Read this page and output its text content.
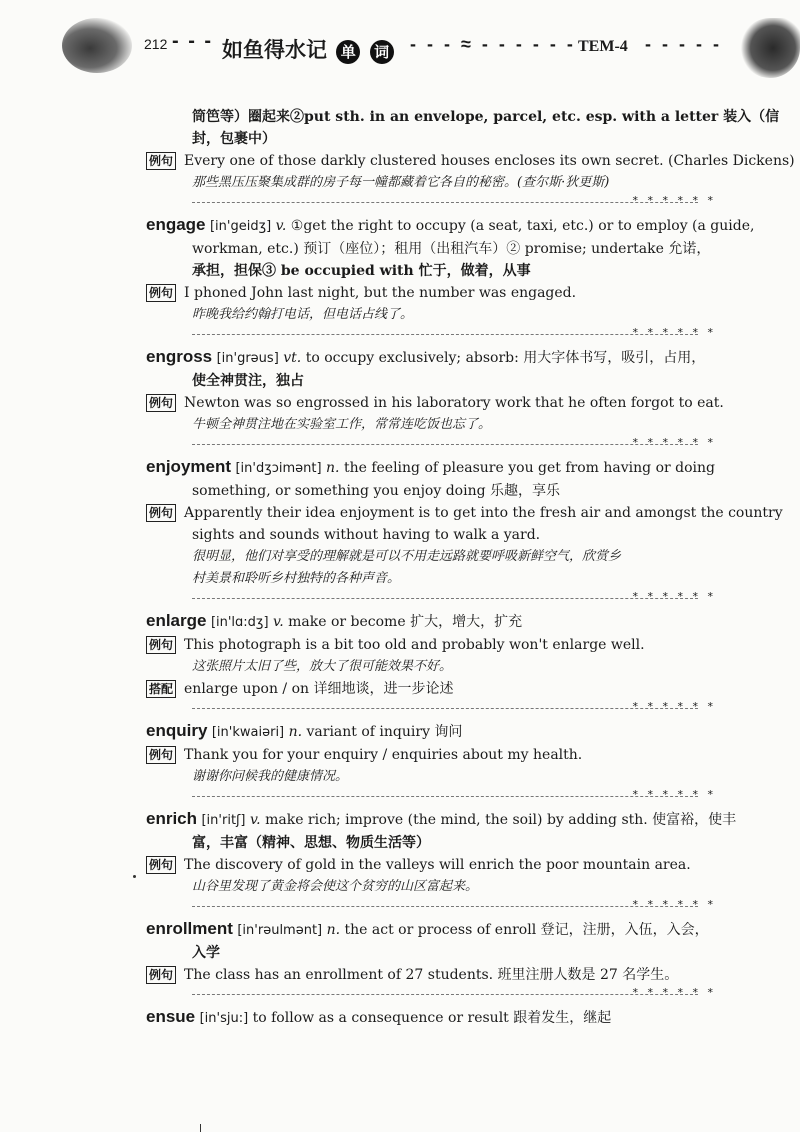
212 - - - 如鱼得水记 单 词 - - - ≈ - - - - - - TEM-4 - - - - -
筒笆等）圈起来②put sth. in an envelope, parcel, etc. esp. with a letter 装入（信
封，包裹中）
例句 Every one of those darkly clustered houses encloses its own secret. (Charles Dickens)
那些黑压压聚集成群的房子每一幢都藏着它各自的秘密。(查尔斯·狄更斯)
* * * * * *
engage [in'geidʒ] v. ①get the right to occupy (a seat, taxi, etc.) or to employ (a guide,
workman, etc.) 预订（座位）；租用（出租汽车）② promise; undertake 允诺，
承担，担保③ be occupied with 忙于，做着，从事
例句 I phoned John last night, but the number was engaged.
昨晚我给约翰打电话，但电话占线了。
* * * * * *
engross [in'grəus] vt. to occupy exclusively; absorb: 用大字体书写，吸引，占用，
使全神贯注，独占
例句 Newton was so engrossed in his laboratory work that he often forgot to eat.
牛顿全神贯注地在实验室工作，常常连吃饭也忘了。
* * * * * *
enjoyment [in'dʒɔimənt] n. the feeling of pleasure you get from having or doing
something, or something you enjoy doing 乐趣，享乐
例句 Apparently their idea enjoyment is to get into the fresh air and amongst the country
sights and sounds without having to walk a yard.
很明显，他们对享受的理解就是可以不用走远路就要呼吸新鲜空气，欣赏乡
村美景和聆听乡村独特的各种声音。
* * * * * *
enlarge [in'lɑ:dʒ] v. make or become 扩大，增大，扩充
例句 This photograph is a bit too old and probably won't enlarge well.
这张照片太旧了些，放大了很可能效果不好。
搭配 enlarge upon / on 详细地谈，进一步论述
* * * * * *
enquiry [in'kwaiəri] n. variant of inquiry 询问
例句 Thank you for your enquiry / enquiries about my health.
谢谢你问候我的健康情况。
* * * * * *
enrich [in'ritʃ] v. make rich; improve (the mind, the soil) by adding sth. 使富裕，使丰
富，丰富（精神、思想、物质生活等）
例句 The discovery of gold in the valleys will enrich the poor mountain area.
山谷里发现了黄金将会使这个贫穷的山区富起来。
* * * * * *
enrollment [in'rəulmənt] n. the act or process of enroll 登记，注册，入伍，入会，
入学
例句 The class has an enrollment of 27 students. 班里注册人数是 27 名学生。
* * * * * *
ensue [in'sju:] to follow as a consequence or result 跟着发生，继起
